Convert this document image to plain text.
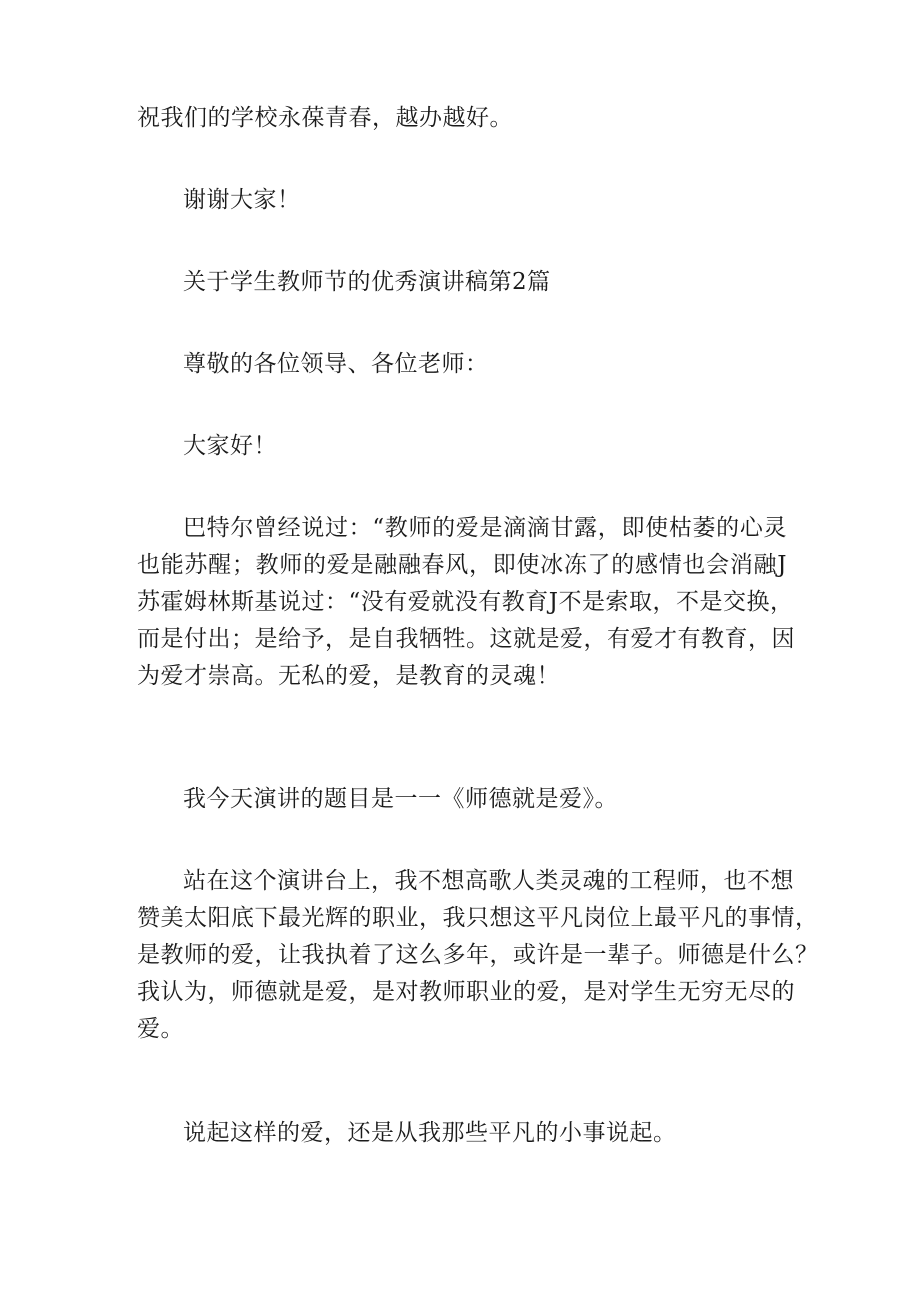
祝我们的学校永葆青春，越办越好。

谢谢大家！

关于学生教师节的优秀演讲稿第2篇

尊敬的各位领导、各位老师：

大家好！

巴特尔曾经说过：“教师的爱是滴滴甘露，即使枯萎的心灵
也能苏醒；教师的爱是融融春风，即使冰冻了的感情也会消融J
苏霍姆林斯基说过：“没有爱就没有教育J不是索取，不是交换，
而是付出；是给予，是自我牺牲。这就是爱，有爱才有教育，因
为爱才崇高。无私的爱，是教育的灵魂！

我今天演讲的题目是一一《师德就是爱》。

站在这个演讲台上，我不想高歌人类灵魂的工程师，也不想
赞美太阳底下最光辉的职业，我只想这平凡岗位上最平凡的事情，
是教师的爱，让我执着了这么多年，或许是一辈子。师德是什么？
我认为，师德就是爱，是对教师职业的爱，是对学生无穷无尽的
爱。

说起这样的爱，还是从我那些平凡的小事说起。
